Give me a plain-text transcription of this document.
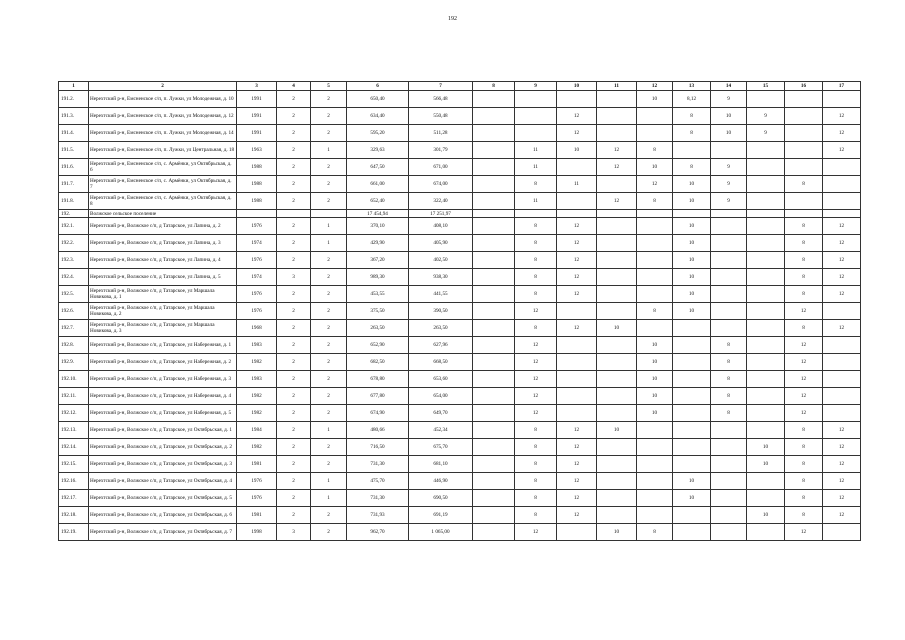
192
1	2	3	4	5	6	7	8	9	10	11	12	13	14	15	16	17
191.2.	Нерехтский р-н, Емсненское с/п, п. Лужки, ул Молодежная, д. 10	1991	2	2	650,40	566,48					10	8,12	9			
191.3.	Нерехтский р-н, Емсненское с/п, п. Лужки, ул Молодежная, д. 12	1991	2	2	634,40	550,48			12			8	10	9		12
191.4.	Нерехтский р-н, Емсненское с/п, п. Лужки, ул Молодежная, д. 14	1991	2	2	595,20	511,28			12			8	10	9		12
191.5.	Нерехтский р-н, Емсненское с/п, п. Лужки, ул Центральная, д. 18	1963	2	1	329,63	301,79		11	10	12	8					12
191.6.	Нерехтский р-н, Емсненское с/п, с. Армёнки, ул Октябрьская, д. 6	1988	2	2	647,50	671,00		11		12	10	8	9			
191.7.	Нерехтский р-н, Емсненское с/п, с. Армёнки, ул Октябрьская, д. 7	1988	2	2	661,00	674,00		8	11		12	10	9		8	
191.8.	Нерехтский р-н, Емсненское с/п, с. Армёнки, ул Октябрьская, д. 8	1988	2	2	652,40	322,40		11		12	8	10	9			
192.	Волжское сельское поселение				17 454,94	17 251,97										
192.1.	Нерехтский р-н, Волжское с/п, д Татарское, ул Лапина, д. 2	1976	2	1	370,10	408,10		8	12			10			8	12
192.2.	Нерехтский р-н, Волжское с/п, д Татарское, ул Лапина, д. 3	1974	2	1	429,90	405,90		8	12			10			8	12
192.3.	Нерехтский р-н, Волжское с/п, д Татарское, ул Лапина, д. 4	1976	2	2	367,20	402,50		8	12			10			8	12
192.4.	Нерехтский р-н, Волжское с/п, д Татарское, ул Лапина, д. 5	1974	3	2	989,30	938,30		8	12			10			8	12
192.5.	Нерехтский р-н, Волжское с/п, д Татарское, ул Маршала Новикова, д. 1	1976	2	2	453,55	441,55		8	12			10			8	12
192.6.	Нерехтский р-н, Волжское с/п, д Татарское, ул Маршала Новикова, д. 2	1976	2	2	375,50	390,50		12			8	10			12	
192.7.	Нерехтский р-н, Волжское с/п, д Татарское, ул Маршала Новикова, д. 3	1968	2	2	263,50	263,50		8	12	10					8	12
192.8.	Нерехтский р-н, Волжское с/п, д Татарское, ул Набережная, д. 1	1983	2	2	652,90	627,96		12			10		8		12	
192.9.	Нерехтский р-н, Волжское с/п, д Татарское, ул Набережная, д. 2	1982	2	2	682,50	668,50		12			10		8		12	
192.10.	Нерехтский р-н, Волжское с/п, д Татарское, ул Набережная, д. 3	1983	2	2	678,80	653,60		12			10		8		12	
192.11.	Нерехтский р-н, Волжское с/п, д Татарское, ул Набережная, д. 4	1982	2	2	677,80	654,00		12			10		8		12	
192.12.	Нерехтский р-н, Волжское с/п, д Татарское, ул Набережная, д. 5	1982	2	2	674,90	649,70		12			10		8		12	
192.13.	Нерехтский р-н, Волжское с/п, д Татарское, ул Октябрьская, д. 1	1984	2	1	480,66	452,34		8	12	10					8	12
192.14.	Нерехтский р-н, Волжское с/п, д Татарское, ул Октябрьская, д. 2	1982	2	2	716,50	675,70		8	12					10	8	12
192.15.	Нерехтский р-н, Волжское с/п, д Татарское, ул Октябрьская, д. 3	1981	2	2	731,30	681,10		8	12					10	8	12
192.16.	Нерехтский р-н, Волжское с/п, д Татарское, ул Октябрьская, д. 4	1976	2	1	475,70	446,90		8	12			10			8	12
192.17.	Нерехтский р-н, Волжское с/п, д Татарское, ул Октябрьская, д. 5	1976	2	1	731,30	690,50		8	12			10			8	12
192.18.	Нерехтский р-н, Волжское с/п, д Татарское, ул Октябрьская, д. 6	1981	2	2	731,93	691,19		8	12					10	8	12
192.19.	Нерехтский р-н, Волжское с/п, д Татарское, ул Октябрьская, д. 7	1998	3	2	962,70	1 065,00		12		10	8				12	
